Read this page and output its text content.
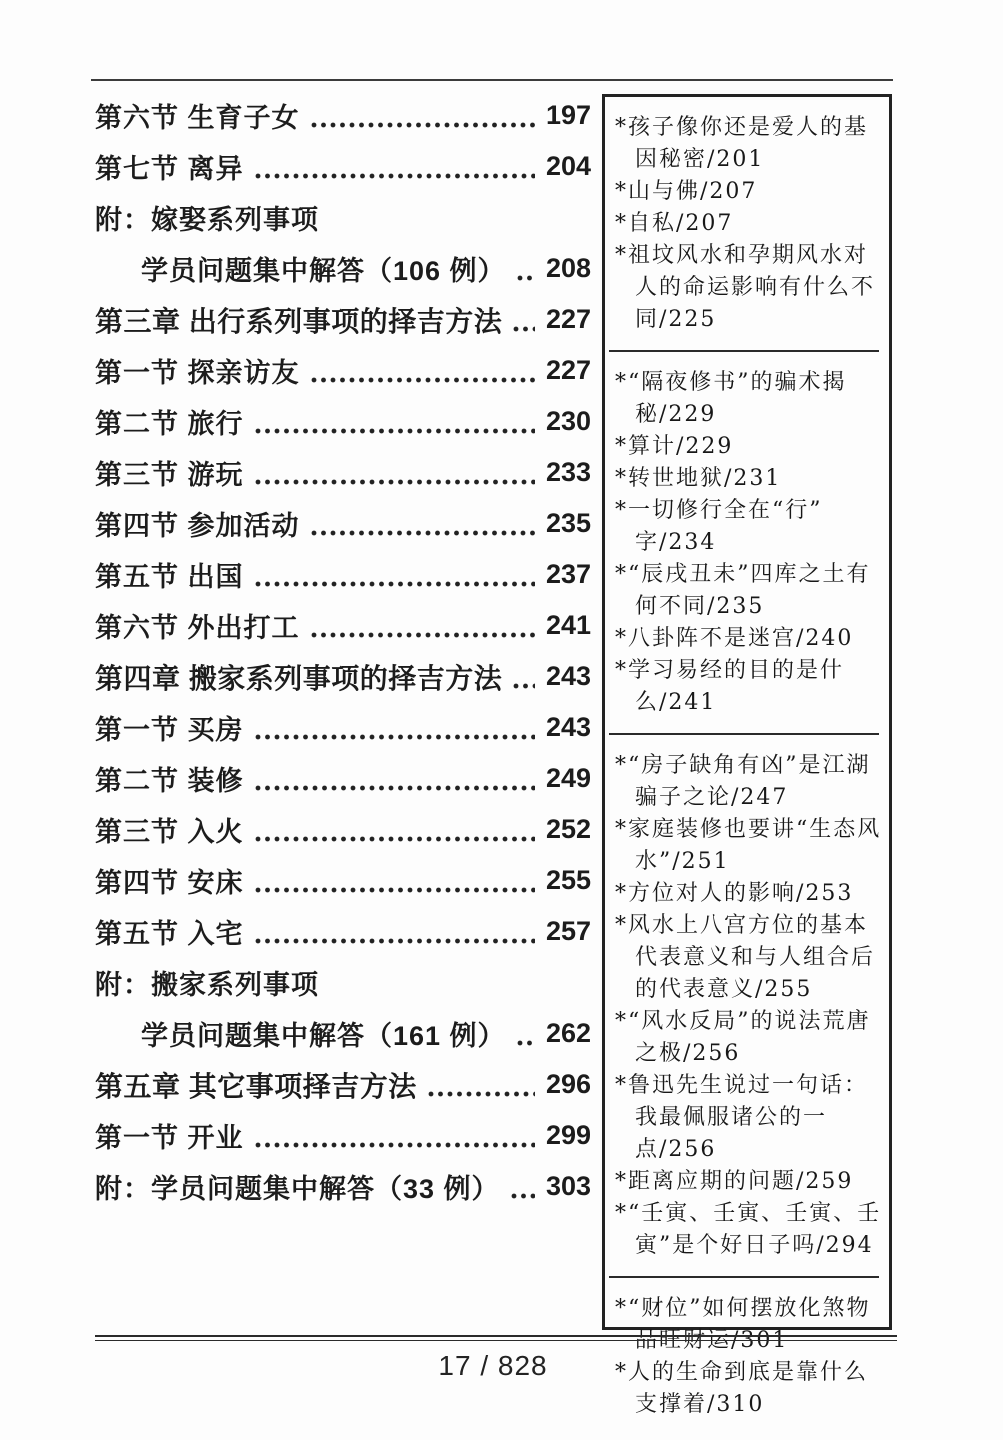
第六节 生育子女	197
第七节 离异	204
附：嫁娶系列事项
学员问题集中解答（106 例） 208
第三章 出行系列事项的择吉方法 227
第一节 探亲访友	227
第二节 旅行	230
第三节 游玩	233
第四节 参加活动	235
第五节 出国	237
第六节 外出打工	241
第四章 搬家系列事项的择吉方法 243
第一节 买房	243
第二节 装修	249
第三节 入火	252
第四节 安床	255
第五节 入宅	257
附：搬家系列事项
学员问题集中解答（161 例） 262
第五章 其它事项择吉方法	296
第一节 开业	299
附：学员问题集中解答（33 例） 303
*孩子像你还是爱人的基因秘密/201
*山与佛/207
*自私/207
*祖坟风水和孕期风水对人的命运影响有什么不同/225
*“隔夜修书”的骗术揭秘/229
*算计/229
*转世地狱/231
*一切修行全在“行”字/234
*“辰戌丑未”四库之土有何不同/235
*八卦阵不是迷宫/240
*学习易经的目的是什么/241
*“房子缺角有凶”是江湖骗子之论/247
*家庭装修也要讲“生态风水”/251
*方位对人的影响/253
*风水上八宫方位的基本代表意义和与人组合后的代表意义/255
*“风水反局”的说法荒唐之极/256
*鲁迅先生说过一句话：我最佩服诸公的一点/256
*距离应期的问题/259
*“壬寅、壬寅、壬寅、壬寅”是个好日子吗/294
*“财位”如何摆放化煞物品旺财运/301
*人的生命到底是靠什么支撑着/310
17 / 828
